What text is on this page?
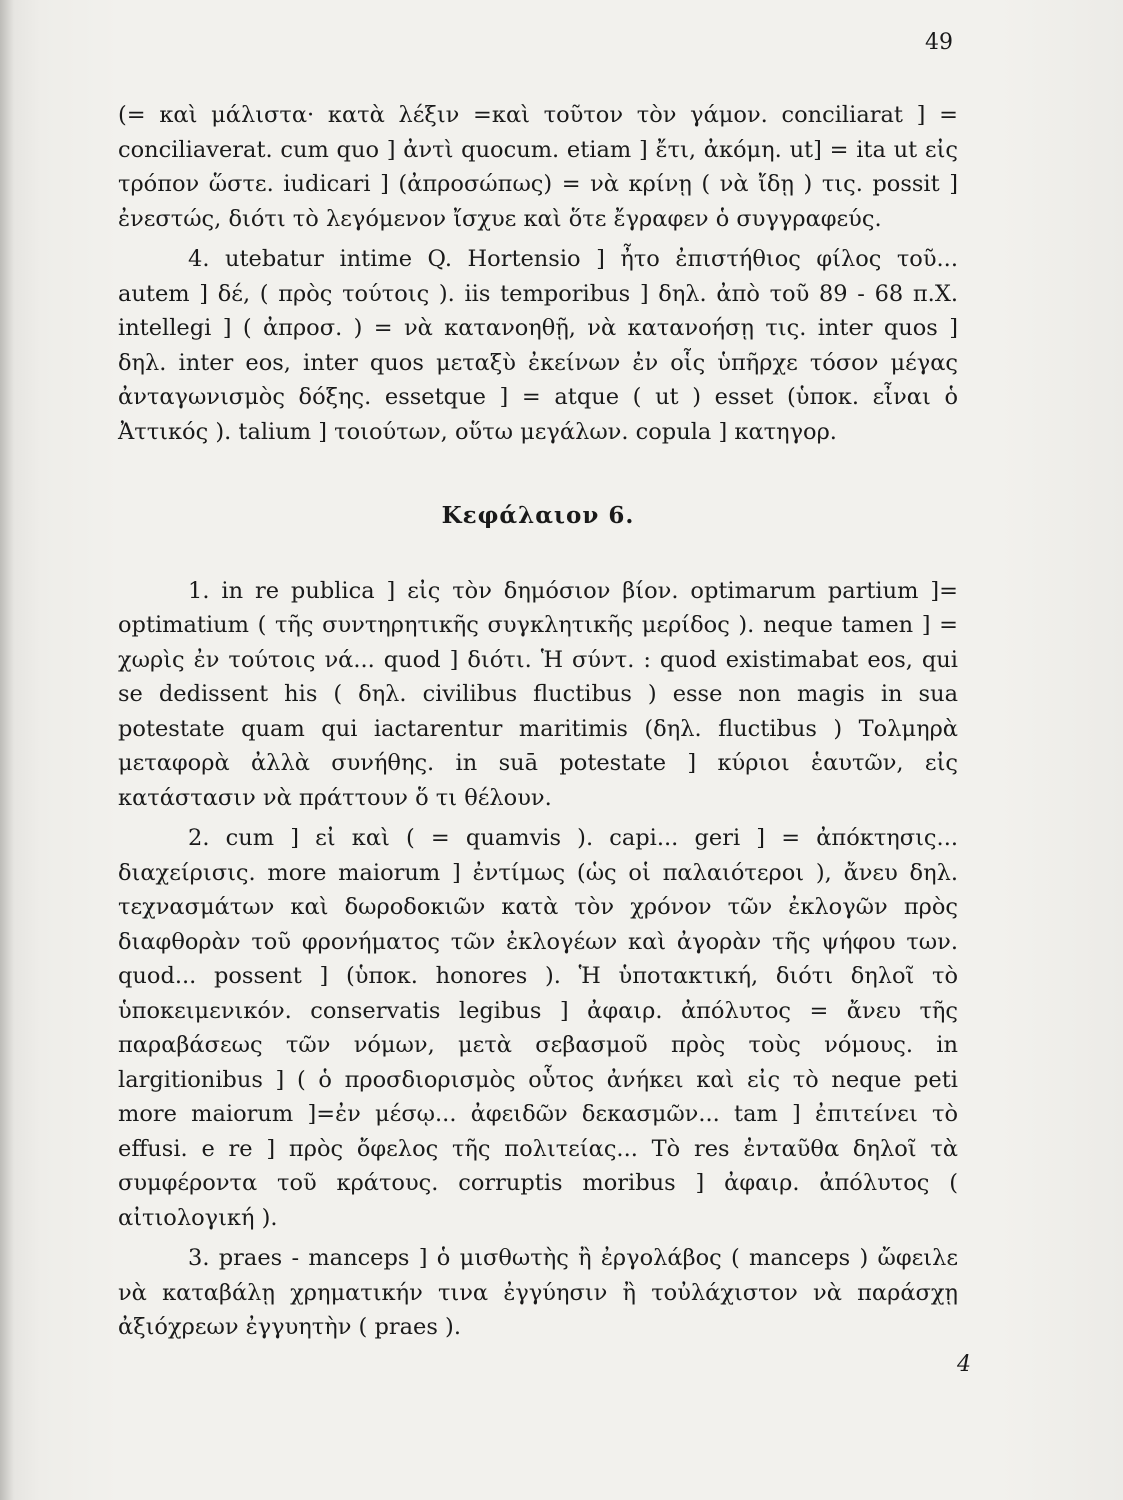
49

(= καὶ μάλιστα· κατὰ λέξιν =καὶ τοῦτον τὸν γάμον. conciliarat ] = conciliaverat. cum quo ] ἀντὶ quocum. etiam ] ἔτι, ἀκόμη. ut] = ita ut εἰς τρόπον ὥστε. iudicari ] (ἀπροσώπως) = νὰ κρίνῃ ( νὰ ἴδῃ ) τις. possit ] ἐνεστώς, διότι τὸ λεγόμενον ἴσχυε καὶ ὅτε ἔγραφεν ὁ συγγραφεύς.

4. utebatur intime Q. Hortensio ] ἦτο ἐπιστήθιος φίλος τοῦ... autem ] δέ, ( πρὸς τούτοις ). iis temporibus ] δηλ. ἀπὸ τοῦ 89 - 68 π.Χ. intellegi ] ( ἀπροσ. ) = νὰ κατανοηθῇ, νὰ κατανοήσῃ τις. inter quos ] δηλ. inter eos, inter quos μεταξὺ ἐκείνων ἐν οἷς ὑπῆρχε τόσον μέγας ἀνταγωνισμὸς δόξης. essetque ] = atque ( ut ) esset (ὑποκ. εἶναι ὁ Ἀττικός ). talium ] τοιούτων, οὕτω μεγάλων. copula ] κατηγορ.

Κεφάλαιον 6.

1. in re publica ] εἰς τὸν δημόσιον βίον. optimarum partium ]= optimatium ( τῆς συντηρητικῆς συγκλητικῆς μερίδος ). neque tamen ] = χωρὶς ἐν τούτοις νά... quod ] διότι. Ἡ σύντ. : quod existimabat eos, qui se dedissent his ( δηλ. civilibus fluctibus ) esse non magis in sua potestate quam qui iactarentur maritimis (δηλ. fluctibus ) Τολμηρὰ μεταφορὰ ἀλλὰ συνήθης. in suā potestate ] κύριοι ἑαυτῶν, εἰς κατάστασιν νὰ πράττουν ὅ τι θέλουν.

2. cum ] εἰ καὶ ( = quamvis ). capi... geri ] = ἀπόκτησις... διαχείρισις. more maiorum ] ἐντίμως (ὡς οἱ παλαιότεροι ), ἄνευ δηλ. τεχνασμάτων καὶ δωροδοκιῶν κατὰ τὸν χρόνον τῶν ἐκλογῶν πρὸς διαφθορὰν τοῦ φρονήματος τῶν ἐκλογέων καὶ ἀγορὰν τῆς ψήφου των. quod... possent ] (ὑποκ. honores ). Ἡ ὑποτακτική, διότι δηλοῖ τὸ ὑποκειμενικόν. conservatis legibus ] ἀφαιρ. ἀπόλυτος = ἄνευ τῆς παραβάσεως τῶν νόμων, μετὰ σεβασμοῦ πρὸς τοὺς νόμους. in largitionibus ] ( ὁ προσδιορισμὸς οὗτος ἀνήκει καὶ εἰς τὸ neque peti more maiorum ]=ἐν μέσῳ... ἀφειδῶν δεκασμῶν... tam ] ἐπιτείνει τὸ effusi. e re ] πρὸς ὄφελος τῆς πολιτείας... Τὸ res ἐνταῦθα δηλοῖ τὰ συμφέροντα τοῦ κράτους. corruptis moribus ] ἀφαιρ. ἀπόλυτος ( αἰτιολογική ).

3. praes - manceps ] ὁ μισθωτὴς ἢ ἐργολάβος ( manceps ) ὤφειλε νὰ καταβάλῃ χρηματικήν τινα ἐγγύησιν ἢ τοὐλάχιστον νὰ παράσχῃ ἀξιόχρεων ἐγγυητὴν ( praes ).

4
